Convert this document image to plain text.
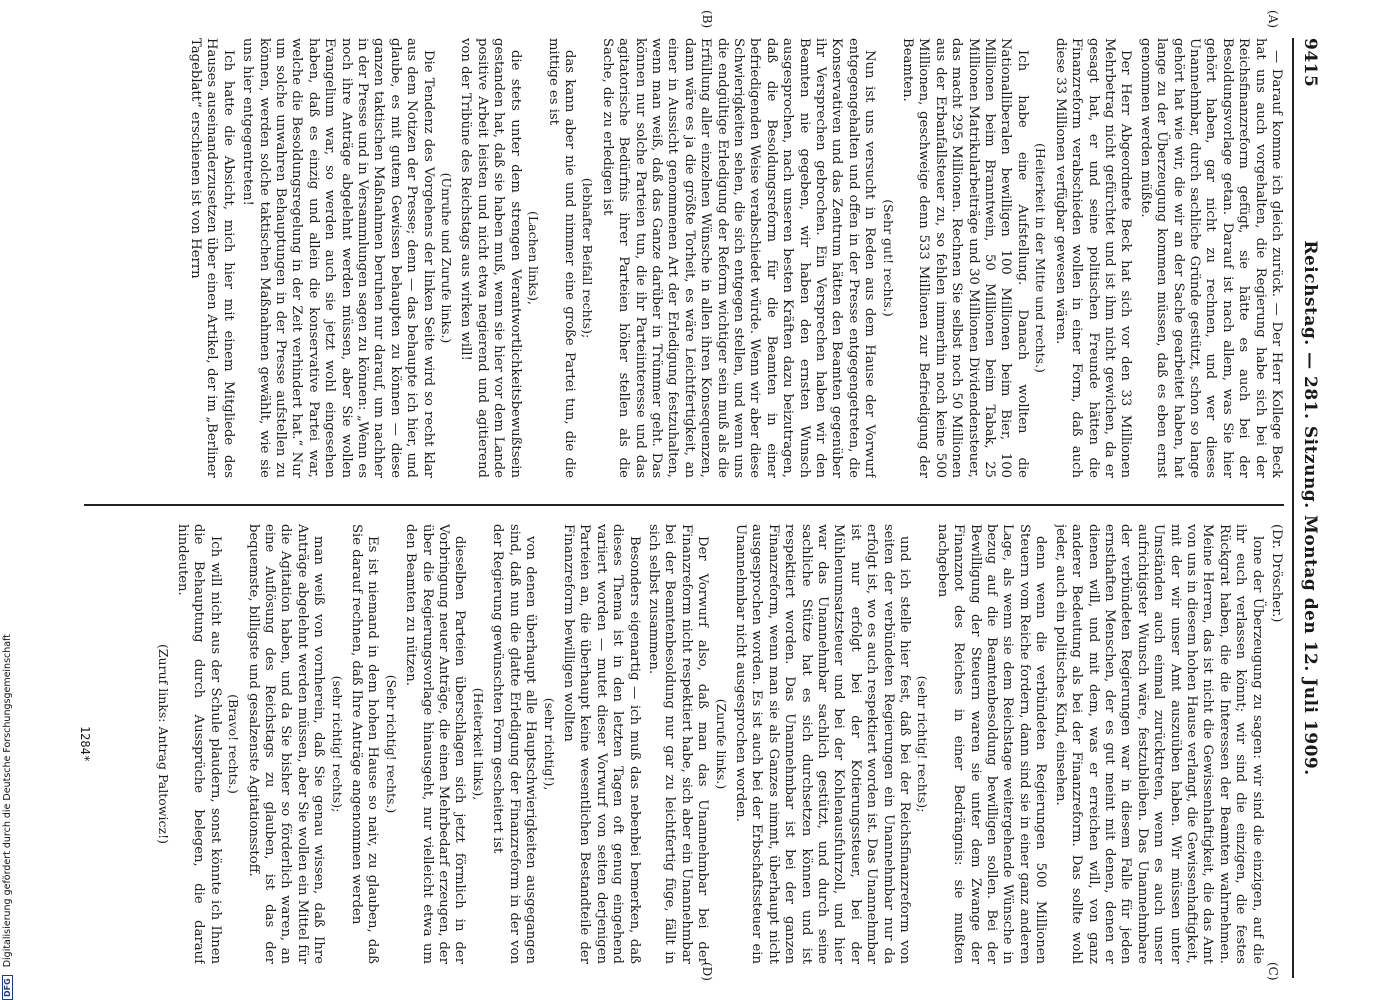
9415
Reichstag. — 281. Sitzung. Montag den 12. Juli 1909.

— Darauf komme ich gleich zurück. — Der Herr Kollege Beck hat uns auch vorgehalten, die Regierung habe sich bei der Reichsfinanzreform gefügt, sie hätte es auch bei der Besoldungsvorlage getan. Darauf ist nach allem, was Sie hier gehört haben, gar nicht zu rechnen, und wer dieses Unannehmbar, durch sachliche Gründe gestützt, schon so lange gehört hat wie wir, die wir an der Sache gearbeitet haben, hat lange zu der Überzeugung kommen müssen, daß es eben ernst genommen werden müßte.

Der Herr Abgeordnete Beck hat sich vor den 33 Millionen Mehrbetrag nicht gefürchtet und ist ihm nicht gewichen, da er gesagt hat, er und seine politischen Freunde hätten die Finanzreform verabschieden wollen in einer Form, daß auch diese 33 Millionen verfügbar gewesen wären.

(Heiterkeit in der Mitte und rechts.)

Ich habe eine Aufstellung. Danach wollten die Nationalliberalen bewilligen 100 Millionen beim Bier, 100 Millionen beim Branntwein, 50 Millionen beim Tabak, 25 Millionen Matrikularbeiträge und 30 Millionen Dividendensteuer, das macht 295 Millionen. Rechnen Sie selbst noch 50 Millionen aus der Erbanfallsteuer zu, so fehlen immerhin noch keine 500 Millionen, geschweige denn 533 Millionen zur Befriedigung der Beamten.

(Sehr gut! rechts.)

Nun ist uns versucht in Reden aus dem Hause der Vorwurf entgegengehalten und offen in der Presse entgegengetreten, die Konservativen und das Zentrum hätten den Beamten gegenüber ihr Versprechen gebrochen. Ein Versprechen haben wir den Beamten nie gegeben, wir haben den ernsten Wunsch ausgesprochen, nach unseren besten Kräften dazu beizutragen, daß die Besoldungsreform für die Beamten in einer befriedigenden Weise verabschiedet würde. Wenn wir aber diese Schwierigkeiten sehen, die sich entgegen stellen, und wenn uns die endgültige Erledigung der Reform wichtiger sein muß als die Erfüllung aller einzelnen Wünsche in allen ihren Konsequenzen, dann wäre es ja die größte Torheit, es wäre Leichtfertigkeit, an einer in Aussicht genommenen Art der Erledigung festzuhalten, wenn man weiß, daß das Ganze darüber in Trümmer geht. Das können nur solche Parteien tun, die ihr Parteiinteresse und das agitatorische Bedürfnis ihrer Parteien höher stellen als die Sache, die zu erledigen ist

(lebhafter Beifall rechts);

das kann aber nie und nimmer eine große Partei tun, die die mittige es ist

(Lachen links),

die stets unter dem strengen Verantwortlichkeitsbewußtsein gestanden hat, daß sie haben muß, wenn sie hier vor dem Lande positive Arbeit leisten und nicht etwa negierend und agitierend von der Tribüne des Reichstags aus wirken will!

(Unruhe und Zurufe links.)

Die Tendenz des Vorgehens der linken Seite wird so recht klar aus dem Notizen der Presse; denn — das behaupte ich hier, und glaube, es mit gutem Gewissen behaupten zu können — diese ganzen taktischen Maßnahmen beruhen nur darauf, um nachher in der Presse und in Versammlungen sagen zu können: „Wenn es noch ihre Anträge abgelehnt werden müssen, aber Sie wollen Evangelium war, so werden auch sie jetzt wohl eingesehen haben, daß es einzig und allein die konservative Partei war, welche die Besoldungsregelung in der Zeit verhindert hat.“ Nur um solche unwahren Behauptungen in der Presse aufstellen zu können, werden solche taktischen Maßnahmen gewählt, wie sie uns hier entgegentreten!

Ich hatte die Absicht, mich hier mit einem Mitgliede des Hauses auseinanderzusetzen über einen Artikel, der im „Berliner Tageblatt“ erschienen ist von Herrn

(Dr. Dröscher.)

lone der Überzeugung zu sagen: wir sind die einzigen, auf die ihr euch verlassen könnt; wir sind die einzigen, die festes Rückgrat haben, die die Interessen der Beamten wahrnehmen. Meine Herren, das ist nicht die Gewissenhaftigkeit, die das Amt von uns in diesem hohen Hause verlangt, die Gewissenhaftigkeit, mit der wir unser Amt auszuüben haben. Wir müssen unter Umständen auch einmal zurücktreten, wenn es auch unser aufrichtigster Wunsch wäre, festzubleiben. Das Unannehmbare der verbündeten Regierungen war in diesem Falle für jeden ernsthaften Menschen, der es gut meint mit denen, denen er dienen will, und mit dem, was er erreichen will, von ganz anderer Bedeutung als bei der Finanzreform. Das sollte wohl jeder, auch ein politisches Kind, einsehen.

denn wenn die verbündeten Regierungen 500 Millionen Steuern vom Reiche fordern, dann sind sie in einer ganz anderen Lage, als wenn sie dem Reichstage weitergehende Wünsche in bezug auf die Beamtenbesoldung bewilligen sollen. Bei der Bewilligung der Steuern waren sie unter dem Zwange der Finanznot des Reiches in einer Bedrängnis: sie mußten nachgeben

(sehr richtig! rechts);

und ich stelle hier fest, daß bei der Reichsfinanzreform von seiten der verbündeten Regierungen ein Unannehmbar nur da erfolgt ist, wo es auch respektiert worden ist. Das Unannehmbar ist nur erfolgt bei der Kotierungssteuer, bei der Mühlenumsatzsteuer und bei der Kohlenausfuhrzoll, und hier war das Unannehmbar sachlich gestützt, und durch seine sachliche Stütze hat es sich durchsetzen können und ist respektiert worden. Das Unannehmbar ist bei der ganzen Finanzreform, wenn man sie als Ganzes nimmt, überhaupt nicht ausgesprochen worden. Es ist auch bei der Erbschaftssteuer ein Unannehmbar nicht ausgesprochen worden.

(Zurufe links.)

Der Vorwurf also, daß man das Unannehmbar bei der Finanzreform nicht respektiert habe, sich aber ein Unannehmbar bei der Beamtenbesoldung nur gar zu leichtfertig füge, fällt in sich selbst zusammen.

Besonders eigenartig — ich muß das nebenbei bemerken, daß dieses Thema ist in den letzten Tagen oft genug eingehend variiert worden — mutet dieser Vorwurf von seiten derjenigen Parteien an, die überhaupt keine wesentlichen Bestandteile der Finanzreform bewilligen wollten

(sehr richtig!),

von denen überhaupt alle Hauptschwierigkeiten ausgegangen sind, daß nun die glatte Erledigung der Finanzreform in der von der Regierung gewünschten Form gescheitert ist

(Heiterkeit links),

dieselben Parteien überschlagen sich jetzt förmlich in der Vorbringung neuer Anträge, die einen Mehrbedarf erzeugen, der über die Regierungsvorlage hinausgeht, nur vielleicht etwa um den Beamten zu nützen.

(Sehr richtig! rechts.)

Es ist niemand in dem hohen Hause so naiv, zu glauben, daß Sie darauf rechnen, daß Ihre Anträge angenommen werden

(sehr richtig! rechts);

man weiß von vornherein, daß Sie genau wissen, daß Ihre Anträge abgelehnt werden müssen, aber Sie wollen ein Mittel für die Agitation haben, und da Sie bisher so förderlich waren, an eine Auflösung des Reichstags zu glauben, ist das der bequemste, billigste und gesalzenste Agitationsstoff.

(Bravo! rechts.)

Ich will nicht aus der Schule plaudern, sonst könnte ich Ihnen die Behauptung durch Aussprüche belegen, die darauf hindeuten.

(Zuruf links: Antrag Paltowicz!)

(C)
(D)
(A)
(B)
1284*
DFG Digitalisierung gefördert durch die Deutsche Forschungsgemeinschaft
